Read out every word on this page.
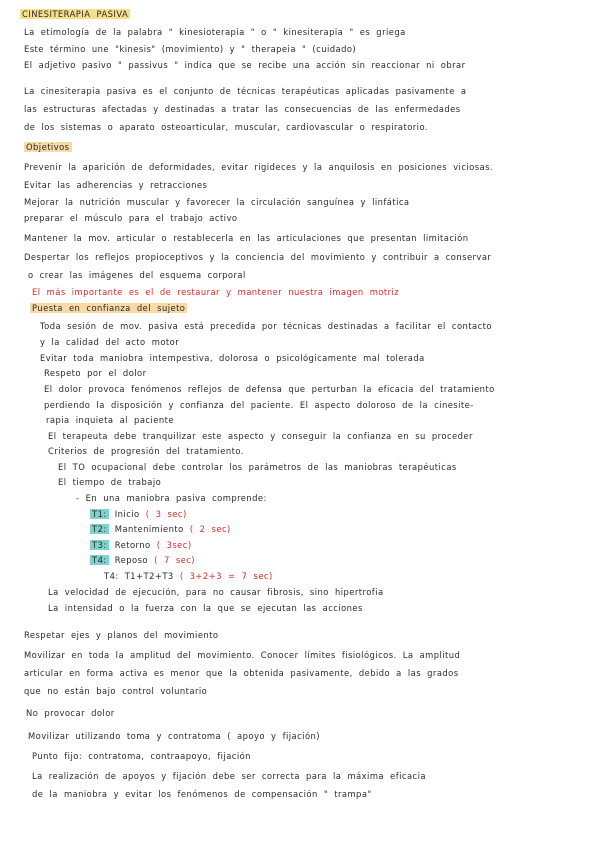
CINESITERAPIA PASIVA
La etimología de la palabra " kinesioterapia " o " kinesiterapia " es griega
Este término une "kinesis" (movimiento) y " therapeia " (cuidado)
El adjetivo pasivo " passivus " indica que se recibe una acción sin reaccionar ni obrar
La cinesiterapia pasiva es el conjunto de técnicas terapéuticas aplicadas pasivamente a
las estructuras afectadas y destinadas a tratar las consecuencias de las enfermedades
de los sistemas o aparato osteoarticular, muscular, cardiovascular o respiratorio.
Objetivos
Prevenir la aparición de deformidades, evitar rigideces y la anquilosis en posiciones viciosas.
Evitar las adherencias y retracciones
Mejorar la nutrición muscular y favorecer la circulación sanguínea y linfática
preparar el músculo para el trabajo activo
Mantener la mov. articular o restablecerla en las articulaciones que presentan limitación
Despertar los reflejos propioceptivos y la conciencia del movimiento y contribuir a conservar
o crear las imágenes del esquema corporal
El más importante es el de restaurar y mantener nuestra imagen motriz
Puesta en confianza del sujeto
Toda sesión de mov. pasiva está precedida por técnicas destinadas a facilitar el contacto
y la calidad del acto motor
Evitar toda maniobra intempestiva, dolorosa o psicológicamente mal tolerada
Respeto por el dolor
El dolor provoca fenómenos reflejos de defensa que perturban la eficacia del tratamiento
perdiendo la disposición y confianza del paciente. El aspecto doloroso de la cinesite-
rapia inquieta al paciente
El terapeuta debe tranquilizar este aspecto y conseguir la confianza en su proceder
Criterios de progresión del tratamiento.
El TO ocupacional debe controlar los parámetros de las maniobras terapéuticas
El tiempo de trabajo
- En una maniobra pasiva comprende:
T1: Inicio ( 3 sec)
T2: Mantenimiento ( 2 sec)
T3: Retorno ( 3sec)
T4: Reposo ( 7 sec)
T4: T1+T2+T3 ( 3+2+3 = 7 sec)
La velocidad de ejecución, para no causar fibrosis, sino hipertrofia
La intensidad o la fuerza con la que se ejecutan las acciones
Respetar ejes y planos del movimiento
Movilizar en toda la amplitud del movimiento. Conocer límites fisiológicos. La amplitud
articular en forma activa es menor que la obtenida pasivamente, debido a las grados
que no están bajo control voluntario
No provocar dolor
Movilizar utilizando toma y contratoma ( apoyo y fijación)
Punto fijo: contratoma, contraapoyo, fijación
La realización de apoyos y fijación debe ser correcta para la máxima eficacia
de la maniobra y evitar los fenómenos de compensación " trampa"
